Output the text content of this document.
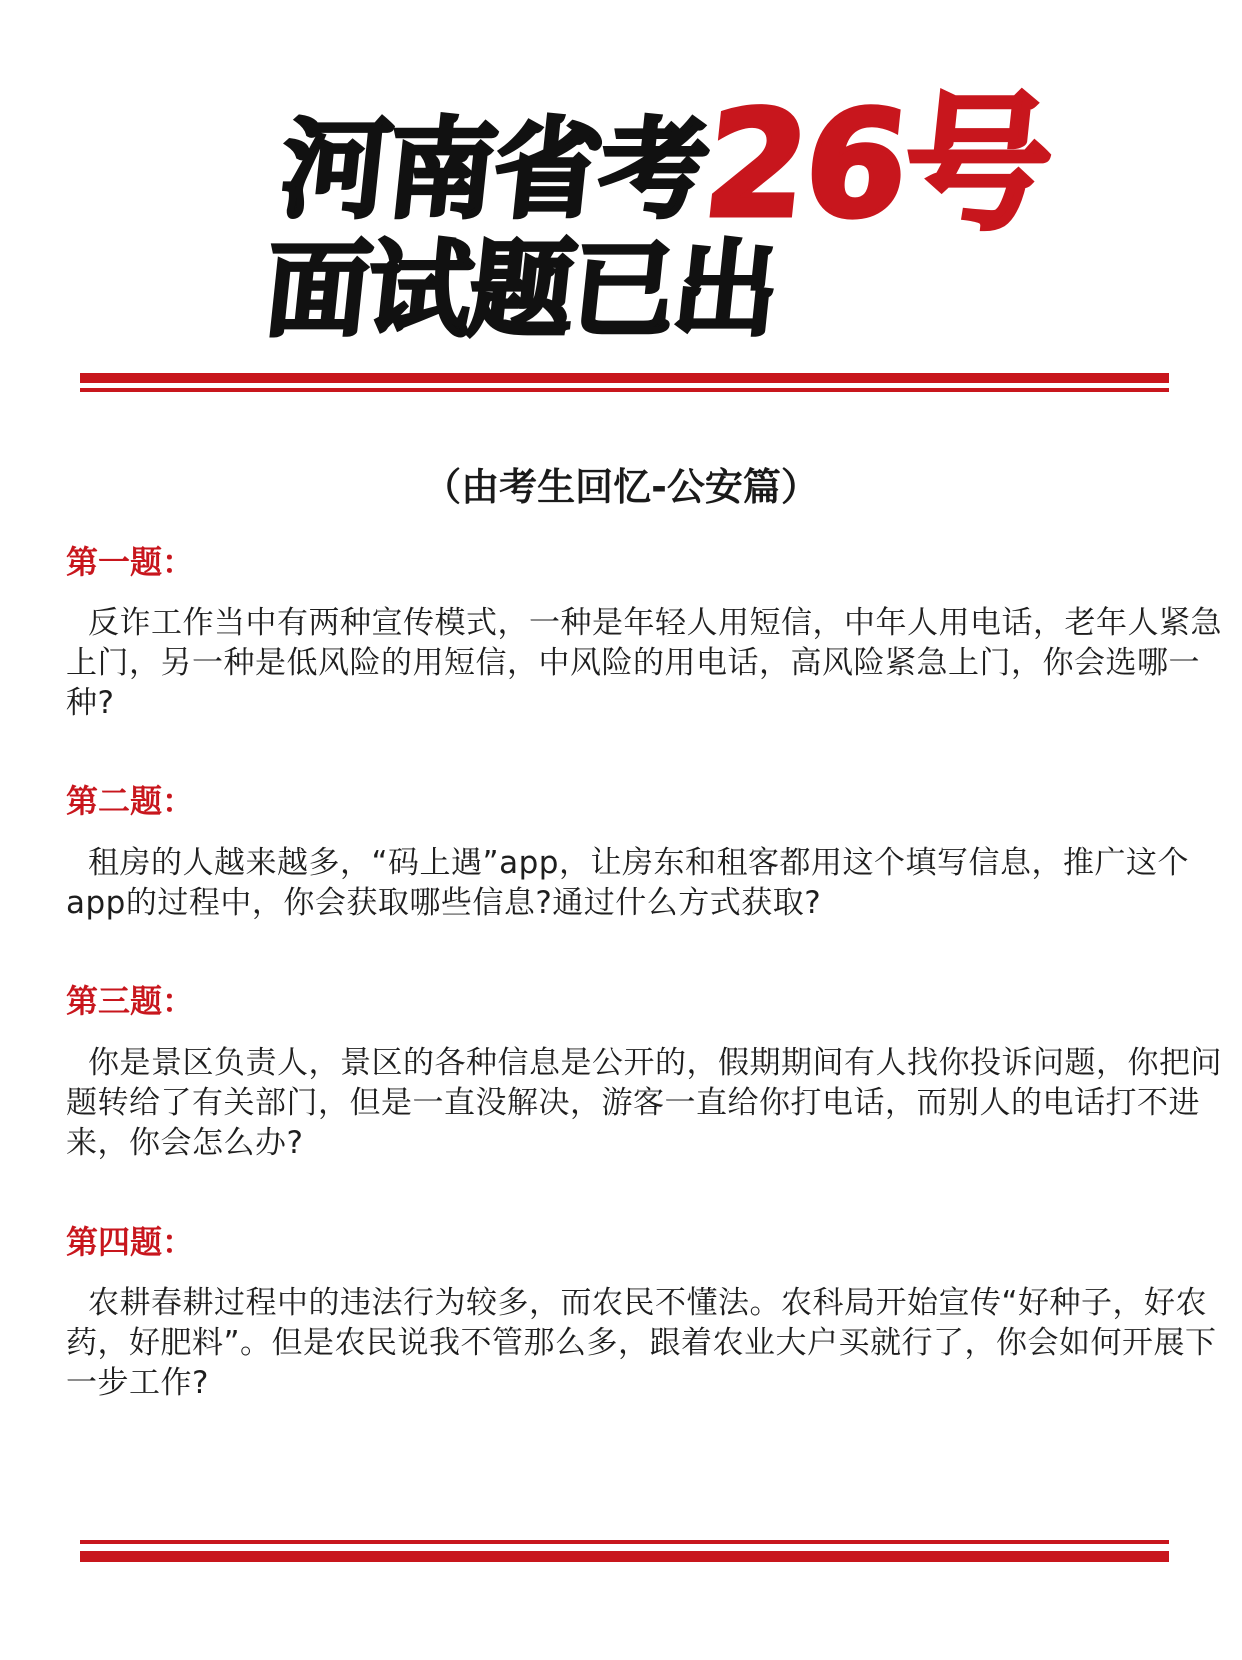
河南省考26号
面试题已出
（由考生回忆-公安篇）
第一题：
反诈工作当中有两种宣传模式，一种是年轻人用短信，中年人用电话，老年人紧急上门，另一种是低风险的用短信，中风险的用电话，高风险紧急上门，你会选哪一种?
第二题：
租房的人越来越多，“码上遇”app，让房东和租客都用这个填写信息，推广这个app的过程中，你会获取哪些信息?通过什么方式获取?
第三题：
你是景区负责人，景区的各种信息是公开的，假期期间有人找你投诉问题，你把问题转给了有关部门，但是一直没解决，游客一直给你打电话，而别人的电话打不进来，你会怎么办?
第四题：
农耕春耕过程中的违法行为较多，而农民不懂法。农科局开始宣传“好种子，好农药，好肥料”。但是农民说我不管那么多，跟着农业大户买就行了，你会如何开展下一步工作?
